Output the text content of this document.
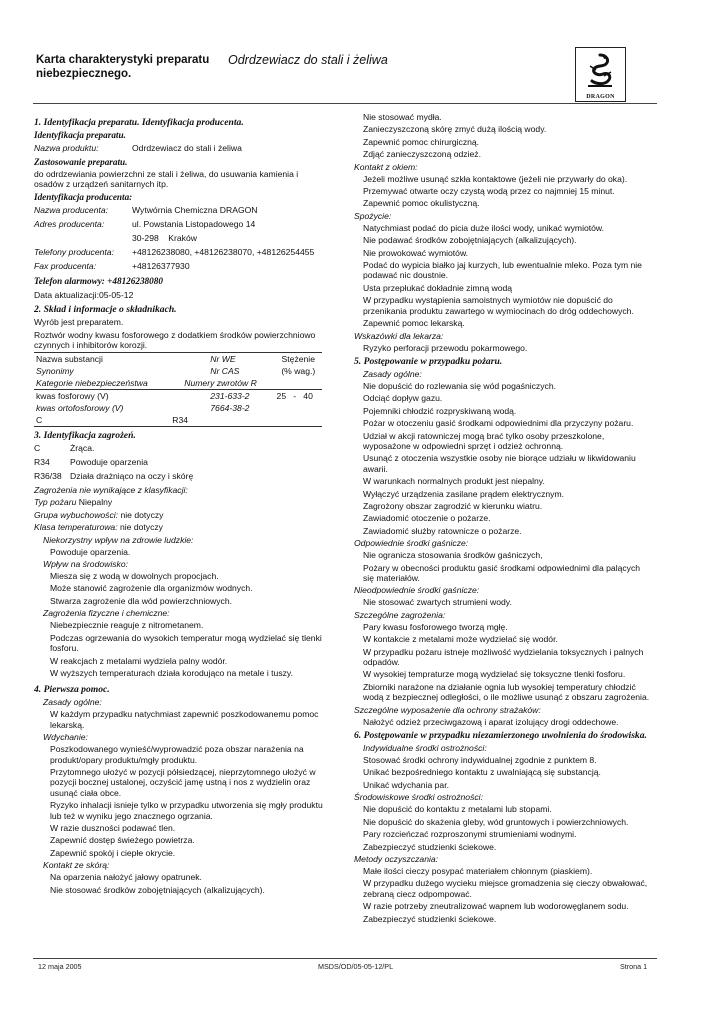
Karta charakterystyki preparatu niebezpiecznego.
Odrdzewiacz do stali i żeliwa
DRAGON
1. Identyfikacja preparatu. Identyfikacja producenta.
Identyfikacja preparatu.
Nazwa produktu:	Odrdzewiacz do stali i żeliwa
Zastosowanie preparatu.
do odrdzewiania powierzchni ze stali i żeliwa, do usuwania kamienia i osadów z urządzeń sanitarnych itp.
Identyfikacja producenta:
Nazwa producenta:	Wytwórnia Chemiczna DRAGON
Adres producenta:	ul. Powstania Listopadowego 14
30-298    Kraków
Telefony producenta:	+48126238080, +48126238070, +48126254455
Fax producenta:	+48126377930
Telefon alarmowy: +48126238080
Data aktualizacji:05-05-12
2. Skład i informacje o składnikach.
Wyrób jest preparatem.
Roztwór wodny kwasu fosforowego z dodatkiem środków powierzchniowo czynnych i inhibitorów korozji.
Nazwa substancji	Nr WE	Stężenie
Synonimy	Nr CAS	(% wag.)
Kategorie niebezpieczeństwa	Numery zwrotów R	
kwas fosforowy (V)	231-633-2	25   -   40
kwas ortofosforowy (V)	7664-38-2	
C	R34	
3. Identyfikacja zagrożeń.
C	Żrąca.
R34	Powoduje oparzenia
R36/38 Działa drażniąco na oczy i skórę
Zagrożenia nie wynikające z klasyfikacji:
Typ pożaru Niepalny
Grupa wybuchowości: nie dotyczy
Klasa temperaturowa: nie dotyczy
Niekorzystny wpływ na zdrowie ludzkie:
Powoduje oparzenia.
Wpływ na środowisko:
Miesza się z wodą w dowolnych propocjach.
Może stanowić zagrożenie dla organizmów wodnych.
Stwarza zagrożenie dla wód powierzchniowych.
Zagrożenia fizyczne i chemiczne:
Niebezpiecznie reaguje z nitrometanem.
Podczas ogrzewania do wysokich temperatur mogą wydzielać się tlenki fosforu.
W reakcjach z metalami wydziela palny wodór.
W wyższych temperaturach działa korodująco na metale i tuszy.
4. Pierwsza pomoc.
Zasady ogólne:
W każdym przypadku natychmiast zapewnić poszkodowanemu pomoc lekarską.
Wdychanie:
Poszkodowanego wynieść/wyprowadzić poza obszar narażenia na produkt/opary produktu/mgły produktu.
Przytomnego ułożyć w pozycji półsiedzącej, nieprzytomnego ułożyć w pozycji bocznej ustalonej, oczyścić jamę ustną i nos z wydzielin oraz usunąć ciała obce.
Ryzyko inhalacji isnieje tylko w przypadku utworzenia się mgły produktu lub też w wyniku jego znacznego ogrzania.
W razie duszności podawać tlen.
Zapewnić dostęp świeżego powietrza.
Zapewnić spokój i ciepłe okrycie.
Kontakt ze skórą:
Na oparzenia nałożyć jałowy opatrunek.
Nie stosować środków zobojętniających (alkalizujących).
Nie stosować mydła.
Zanieczyszczoną skórę zmyć dużą ilością wody.
Zapewnić pomoc chirurgiczną.
Zdjąć zanieczyszczoną odzież.
Kontakt z okiem:
Jeżeli możliwe usunąć szkła kontaktowe (jeżeli nie przywarły do oka).
Przemywać otwarte oczy czystą wodą przez co najmniej 15 minut.
Zapewnić pomoc okulistyczną.
Spożycie:
Natychmiast podać do picia duże ilości wody, unikać wymiotów.
Nie podawać środków zobojętniających (alkalizujących).
Nie prowokować wymiotów.
Podać do wypicia białko jaj kurzych, lub ewentualnie mleko. Poza tym nie podawać nic doustnie.
Usta przepłukać dokładnie zimną wodą
W przypadku wystąpienia samoistnych wymiotów nie dopuścić do przenikania produktu zawartego w wymiocinach do dróg oddechowych.
Zapewnić pomoc lekarską.
Wskazówki dla lekarza:
Ryzyko perforacji przewodu pokarmowego.
5. Postępowanie w przypadku pożaru.
Zasady ogólne:
Nie dopuścić do rozlewania się wód pogaśniczych.
Odciąć dopływ gazu.
Pojemniki chłodzić rozpryskiwaną wodą.
Pożar w otoczeniu gasić środkami odpowiednimi dla przyczyny pożaru.
Udział w akcji ratowniczej mogą brać tylko osoby przeszkolone, wyposażone w odpowiedni sprzęt i odzież ochronną.
Usunąć z otoczenia wszystkie osoby nie biorące udziału w likwidowaniu awarii.
W warunkach normalnych produkt jest niepalny.
Wyłączyć urządzenia zasilane prądem elektrycznym.
Zagrożony obszar zagrodzić w kierunku wiatru.
Zawiadomić otoczenie o pożarze.
Zawiadomić służby ratownicze o pożarze.
Odpowiednie środki gaśnicze:
Nie ogranicza stosowania środków gaśniczych,
Pożary w obecności produktu gasić środkami odpowiednimi dla palących się materiałów.
Nieodpowiednie środki gaśnicze:
Nie stosować zwartych strumieni wody.
Szczególne zagrożenia:
Pary kwasu fosforowego tworzą mgłę.
W kontakcie z metalami może wydzielać się wodór.
W przypadku pożaru istneje możliwość wydzielania toksycznych i palnych odpadów.
W wysokiej tempraturze mogą wydzielać się toksyczne tlenki fosforu.
Zbiorniki narażone na działanie ognia lub wysokiej temperatury chłodzić wodą z bezpiecznej odległości, o ile możliwe usunąć z obszaru zagrożenia.
Szczególne wyposażenie dla ochrony strażaków:
Nałożyć odzież przeciwgazową i aparat izolujący drogi oddechowe.
6. Postępowanie w przypadku niezamierzonego uwolnienia do środowiska.
Indywidualne środki ostrożności:
Stosować środki ochrony indywidualnej zgodnie z punktem 8.
Unikać bezpośredniego kontaktu z uwalniającą się substancją.
Unikać wdychania par.
Środowiskowe środki ostrożności:
Nie dopuścić do kontaktu z metalami lub stopami.
Nie dopuścić do skażenia gleby, wód gruntowych i powierzchniowych.
Pary rozcieńczać rozproszonymi strumieniami wodnymi.
Zabezpieczyć studzienki ściekowe.
Metody oczyszczania:
Małe ilości cieczy posypać materiałem chłonnym (piaskiem).
W przypadku dużego wycieku miejsce gromadzenia się cieczy obwałować, zebraną ciecz odpompować.
W razie potrzeby zneutralizować wapnem lub wodorowęglanem sodu.
Zabezpieczyć studzienki ściekowe.
12 maja 2005	MSDS/OD/05-05-12/PL	Strona 1
